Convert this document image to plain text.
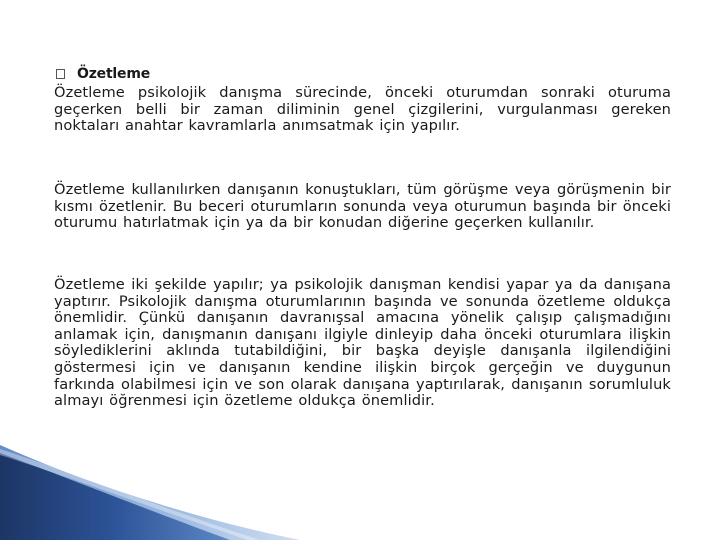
Özetleme

Özetleme psikolojik danışma sürecinde, önceki oturumdan sonraki oturuma geçerken belli bir zaman diliminin genel çizgilerini, vurgulanması gereken noktaları anahtar kavramlarla anımsatmak için yapılır.

Özetleme kullanılırken danışanın konuştukları, tüm görüşme veya görüşmenin bir kısmı özetlenir. Bu beceri oturumların sonunda veya oturumun başında bir önceki oturumu hatırlatmak için ya da bir konudan diğerine geçerken kullanılır.

Özetleme iki şekilde yapılır; ya psikolojik danışman kendisi yapar ya da danışana yaptırır. Psikolojik danışma oturumlarının başında ve sonunda özetleme oldukça önemlidir. Çünkü danışanın davranışsal amacına yönelik çalışıp çalışmadığını anlamak için, danışmanın danışanı ilgiyle dinleyip daha önceki oturumlara ilişkin söylediklerini aklında tutabildiğini, bir başka deyişle danışanla ilgilendiğini göstermesi için ve danışanın kendine ilişkin birçok gerçeğin ve duygunun farkında olabilmesi için ve son olarak danışana yaptırılarak, danışanın sorumluluk almayı öğrenmesi için özetleme oldukça önemlidir.
